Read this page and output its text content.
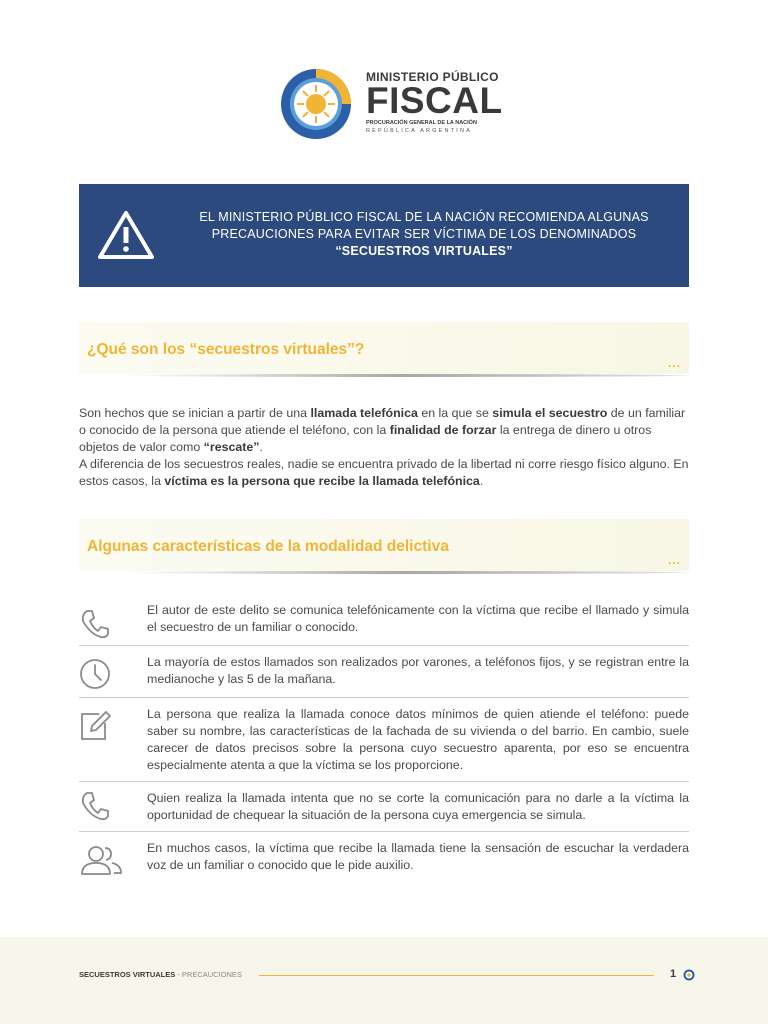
MINISTERIO PÚBLICO
FISCAL
PROCURACIÓN GENERAL DE LA NACIÓN
REPÚBLICA ARGENTINA
EL MINISTERIO PÚBLICO FISCAL DE LA NACIÓN RECOMIENDA ALGUNAS
PRECAUCIONES PARA EVITAR SER VÍCTIMA DE LOS DENOMINADOS
“SECUESTROS VIRTUALES”
¿Qué son los “secuestros virtuales”?
...
Son hechos que se inician a partir de una llamada telefónica en la que se simula el secuestro de un familiar o conocido de la persona que atiende el teléfono, con la finalidad de forzar la entrega de dinero u otros objetos de valor como “rescate”.
A diferencia de los secuestros reales, nadie se encuentra privado de la libertad ni corre riesgo físico alguno. En estos casos, la víctima es la persona que recibe la llamada telefónica.
Algunas características de la modalidad delictiva
...
El autor de este delito se comunica telefónicamente con la víctima que recibe el llamado y simula el secuestro de un familiar o conocido.
La mayoría de estos llamados son realizados por varones, a teléfonos fijos, y se registran entre la medianoche y las 5 de la mañana.
La persona que realiza la llamada conoce datos mínimos de quien atiende el teléfono: puede saber su nombre, las características de la fachada de su vivienda o del barrio. En cambio, suele carecer de datos precisos sobre la persona cuyo secuestro aparenta, por eso se encuentra especialmente atenta a que la víctima se los proporcione.
Quien realiza la llamada intenta que no se corte la comunicación para no darle a la víctima la oportunidad de chequear la situación de la persona cuya emergencia se simula.
En muchos casos, la víctima que recibe la llamada tiene la sensación de escuchar la verdadera voz de un familiar o conocido que le pide auxilio.
SECUESTROS VIRTUALES - PRECAUCIONES	1
